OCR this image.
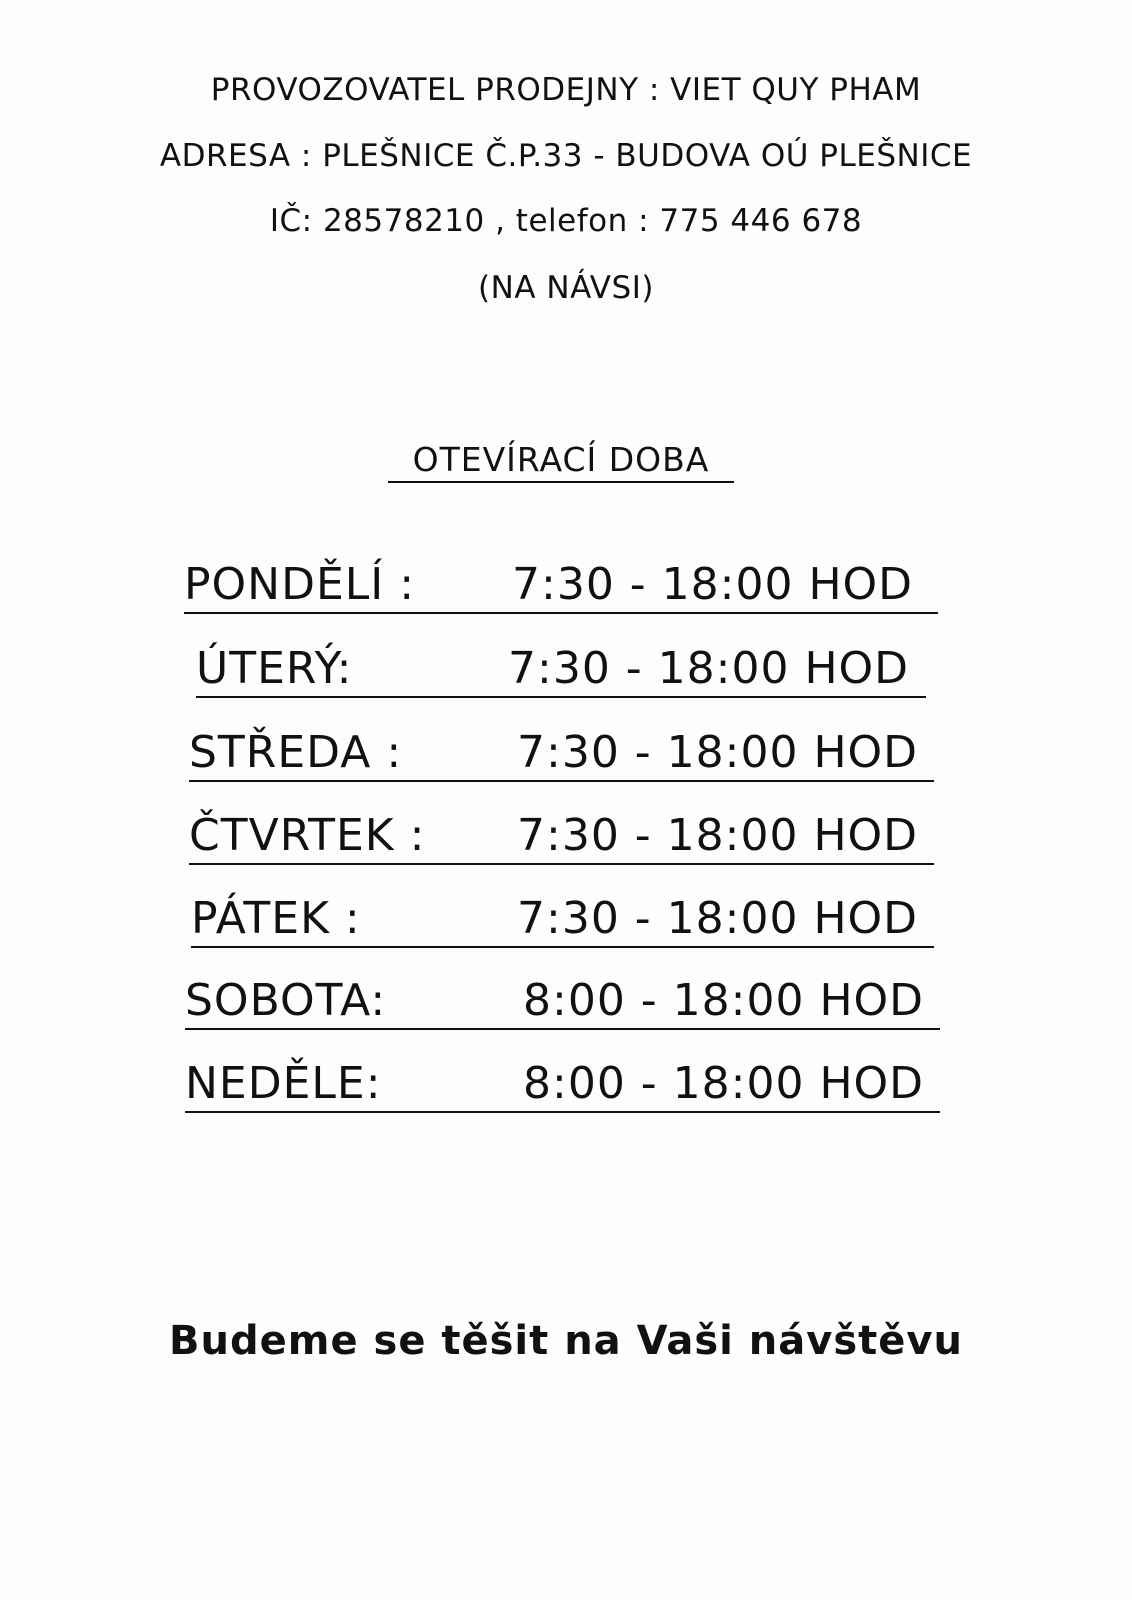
PROVOZOVATEL PRODEJNY : VIET QUY PHAM
ADRESA : PLEŠNICE Č.P.33 - BUDOVA OÚ PLEŠNICE
IČ: 28578210 , telefon : 775 446 678
(NA NÁVSI)
OTEVÍRACÍ DOBA
PONDĚLÍ : 7:30 - 18:00 HOD
ÚTERÝ:	7:30 - 18:00 HOD
STŘEDA :	7:30 - 18:00 HOD
ČTVRTEK : 7:30 - 18:00 HOD
PÁTEK :	7:30 - 18:00 HOD
SOBOTA:	8:00 - 18:00 HOD
NEDĚLE:	8:00 - 18:00 HOD
Budeme se těšit na Vaši návštěvu
